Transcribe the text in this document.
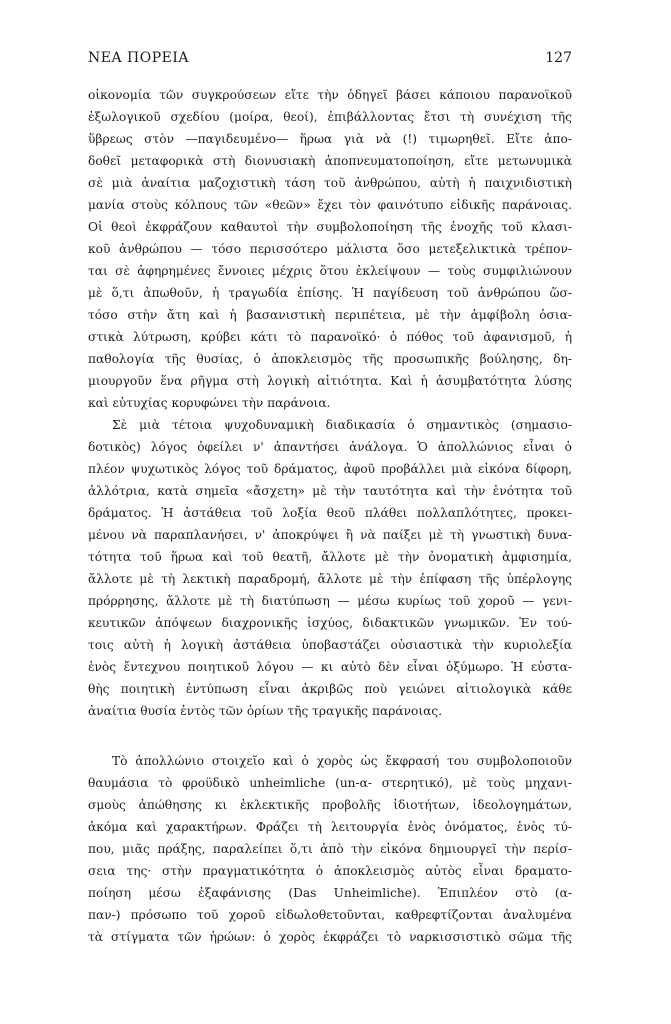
ΝΕΑ ΠΟΡΕΙΑ	127
οἰκονομία τῶν συγκρούσεων εἴτε τὴν ὁδηγεῖ βάσει κάποιου παρανοϊκοῦ
ἐξωλογικοῦ σχεδίου (μοίρα, θεοί), ἐπιβάλλοντας ἔτσι τὴ συνέχιση τῆς
ὕβρεως στὸν —παγιδευμένο— ἥρωα γιὰ νὰ (!) τιμωρηθεῖ. Εἴτε ἀπο-
δοθεῖ μεταφορικὰ στὴ διονυσιακὴ ἀποπνευματοποίηση, εἴτε μετωνυμικὰ
σὲ μιὰ ἀναίτια μαζοχιστικὴ τάση τοῦ ἀνθρώπου, αὐτὴ ἡ παιχνιδιστικὴ
μανία στοὺς κόλπους τῶν «θεῶν» ἔχει τὸν φαινότυπο εἰδικῆς παράνοιας.
Οἱ θεοὶ ἐκφράζουν καθαυτοὶ τὴν συμβολοποίηση τῆς ἐνοχῆς τοῦ κλασι-
κοῦ ἀνθρώπου — τόσο περισσότερο μάλιστα ὅσο μετεξελικτικὰ τρέπον-
ται σὲ ἀφηρημένες ἔννοιες μέχρις ὅτου ἐκλείψουν — τοὺς συμφιλιώνουν
μὲ ὅ,τι ἀπωθοῦν, ἡ τραγωδία ἐπίσης. Ἡ παγίδευση τοῦ ἀνθρώπου ὥσ-
τόσο στὴν ἄτη καὶ ἡ βασανιστικὴ περιπέτεια, μὲ τὴν ἀμφίβολη ὀσια-
στικὰ λύτρωση, κρύβει κάτι τὸ παρανοϊκό· ὁ πόθος τοῦ ἀφανισμοῦ, ἡ
παθολογία τῆς θυσίας, ὁ ἀποκλεισμὸς τῆς προσωπικῆς βούλησης, δη-
μιουργοῦν ἕνα ρῆγμα στὴ λογικὴ αἰτιότητα. Καὶ ἡ ἀσυμβατότητα λύσης
καὶ εὐτυχίας κορυφώνει τὴν παράνοια.
Σὲ μιὰ τέτοια ψυχοδυναμικὴ διαδικασία ὁ σημαντικὸς (σημασιο-
δοτικὸς) λόγος ὀφείλει ν' ἀπαντήσει ἀνάλογα. Ὁ ἀπολλώνιος εἶναι ὁ
πλέον ψυχωτικὸς λόγος τοῦ δράματος, ἀφοῦ προβάλλει μιὰ εἰκόνα δίφορη,
ἀλλότρια, κατὰ σημεῖα «ἄσχετη» μὲ τὴν ταυτότητα καὶ τὴν ἑνότητα τοῦ
δράματος. Ἡ ἀστάθεια τοῦ λοξία θεοῦ πλάθει πολλαπλότητες, προκει-
μένου νὰ παραπλανήσει, ν' ἀποκρύψει ἢ νὰ παίξει μὲ τὴ γνωστικὴ δυνα-
τότητα τοῦ ἥρωα καὶ τοῦ θεατῆ, ἄλλοτε μὲ τὴν ὀνοματικὴ ἀμφισημία,
ἄλλοτε μὲ τὴ λεκτικὴ παραδρομή, ἄλλοτε μὲ τὴν ἐπίφαση τῆς ὑπέρλογης
πρόρρησης, ἄλλοτε μὲ τὴ διατύπωση — μέσω κυρίως τοῦ χοροῦ — γενι-
κευτικῶν ἀπόψεων διαχρονικῆς ἰσχύος, διδακτικῶν γνωμικῶν. Ἐν τού-
τοις αὐτὴ ἡ λογικὴ ἀστάθεια ὑποβαστάζει οὐσιαστικὰ τὴν κυριολεξία
ἑνὸς ἔντεχνου ποιητικοῦ λόγου — κι αὐτὸ δὲν εἶναι ὀξύμωρο. Ἡ εὐστα-
θὴς ποιητικὴ ἐντύπωση εἶναι ἀκριβῶς ποὺ γειώνει αἰτιολογικὰ κάθε
ἀναίτια θυσία ἐντὸς τῶν ὁρίων τῆς τραγικῆς παράνοιας.
Τὸ ἀπολλώνιο στοιχεῖο καὶ ὁ χορὸς ὡς ἔκφρασή του συμβολοποιοῦν
θαυμάσια τὸ φροϋδικὸ unheimliche (un-α- στερητικό), μὲ τοὺς μηχανι-
σμοὺς ἀπώθησης κι ἐκλεκτικῆς προβολῆς ἰδιοτήτων, ἰδεολογημάτων,
ἀκόμα καὶ χαρακτήρων. Φράζει τὴ λειτουργία ἑνὸς ὀνόματος, ἑνὸς τύ-
που, μιᾶς πράξης, παραλείπει ὅ,τι ἀπὸ τὴν εἰκόνα δημιουργεῖ τὴν περίσ-
σεια της· στὴν πραγματικότητα ὁ ἀποκλεισμὸς αὐτὸς εἶναι δραματο-
ποίηση μέσω ἐξαφάνισης (Das Unheimliche). Ἐπιπλέον στὸ (α-
παν-) πρόσωπο τοῦ χοροῦ εἰδωλοθετοῦνται, καθρεφτίζονται ἀναλυμένα
τὰ στίγματα τῶν ἡρώων: ὁ χορὸς ἐκφράζει τὸ ναρκισσιστικὸ σῶμα τῆς
